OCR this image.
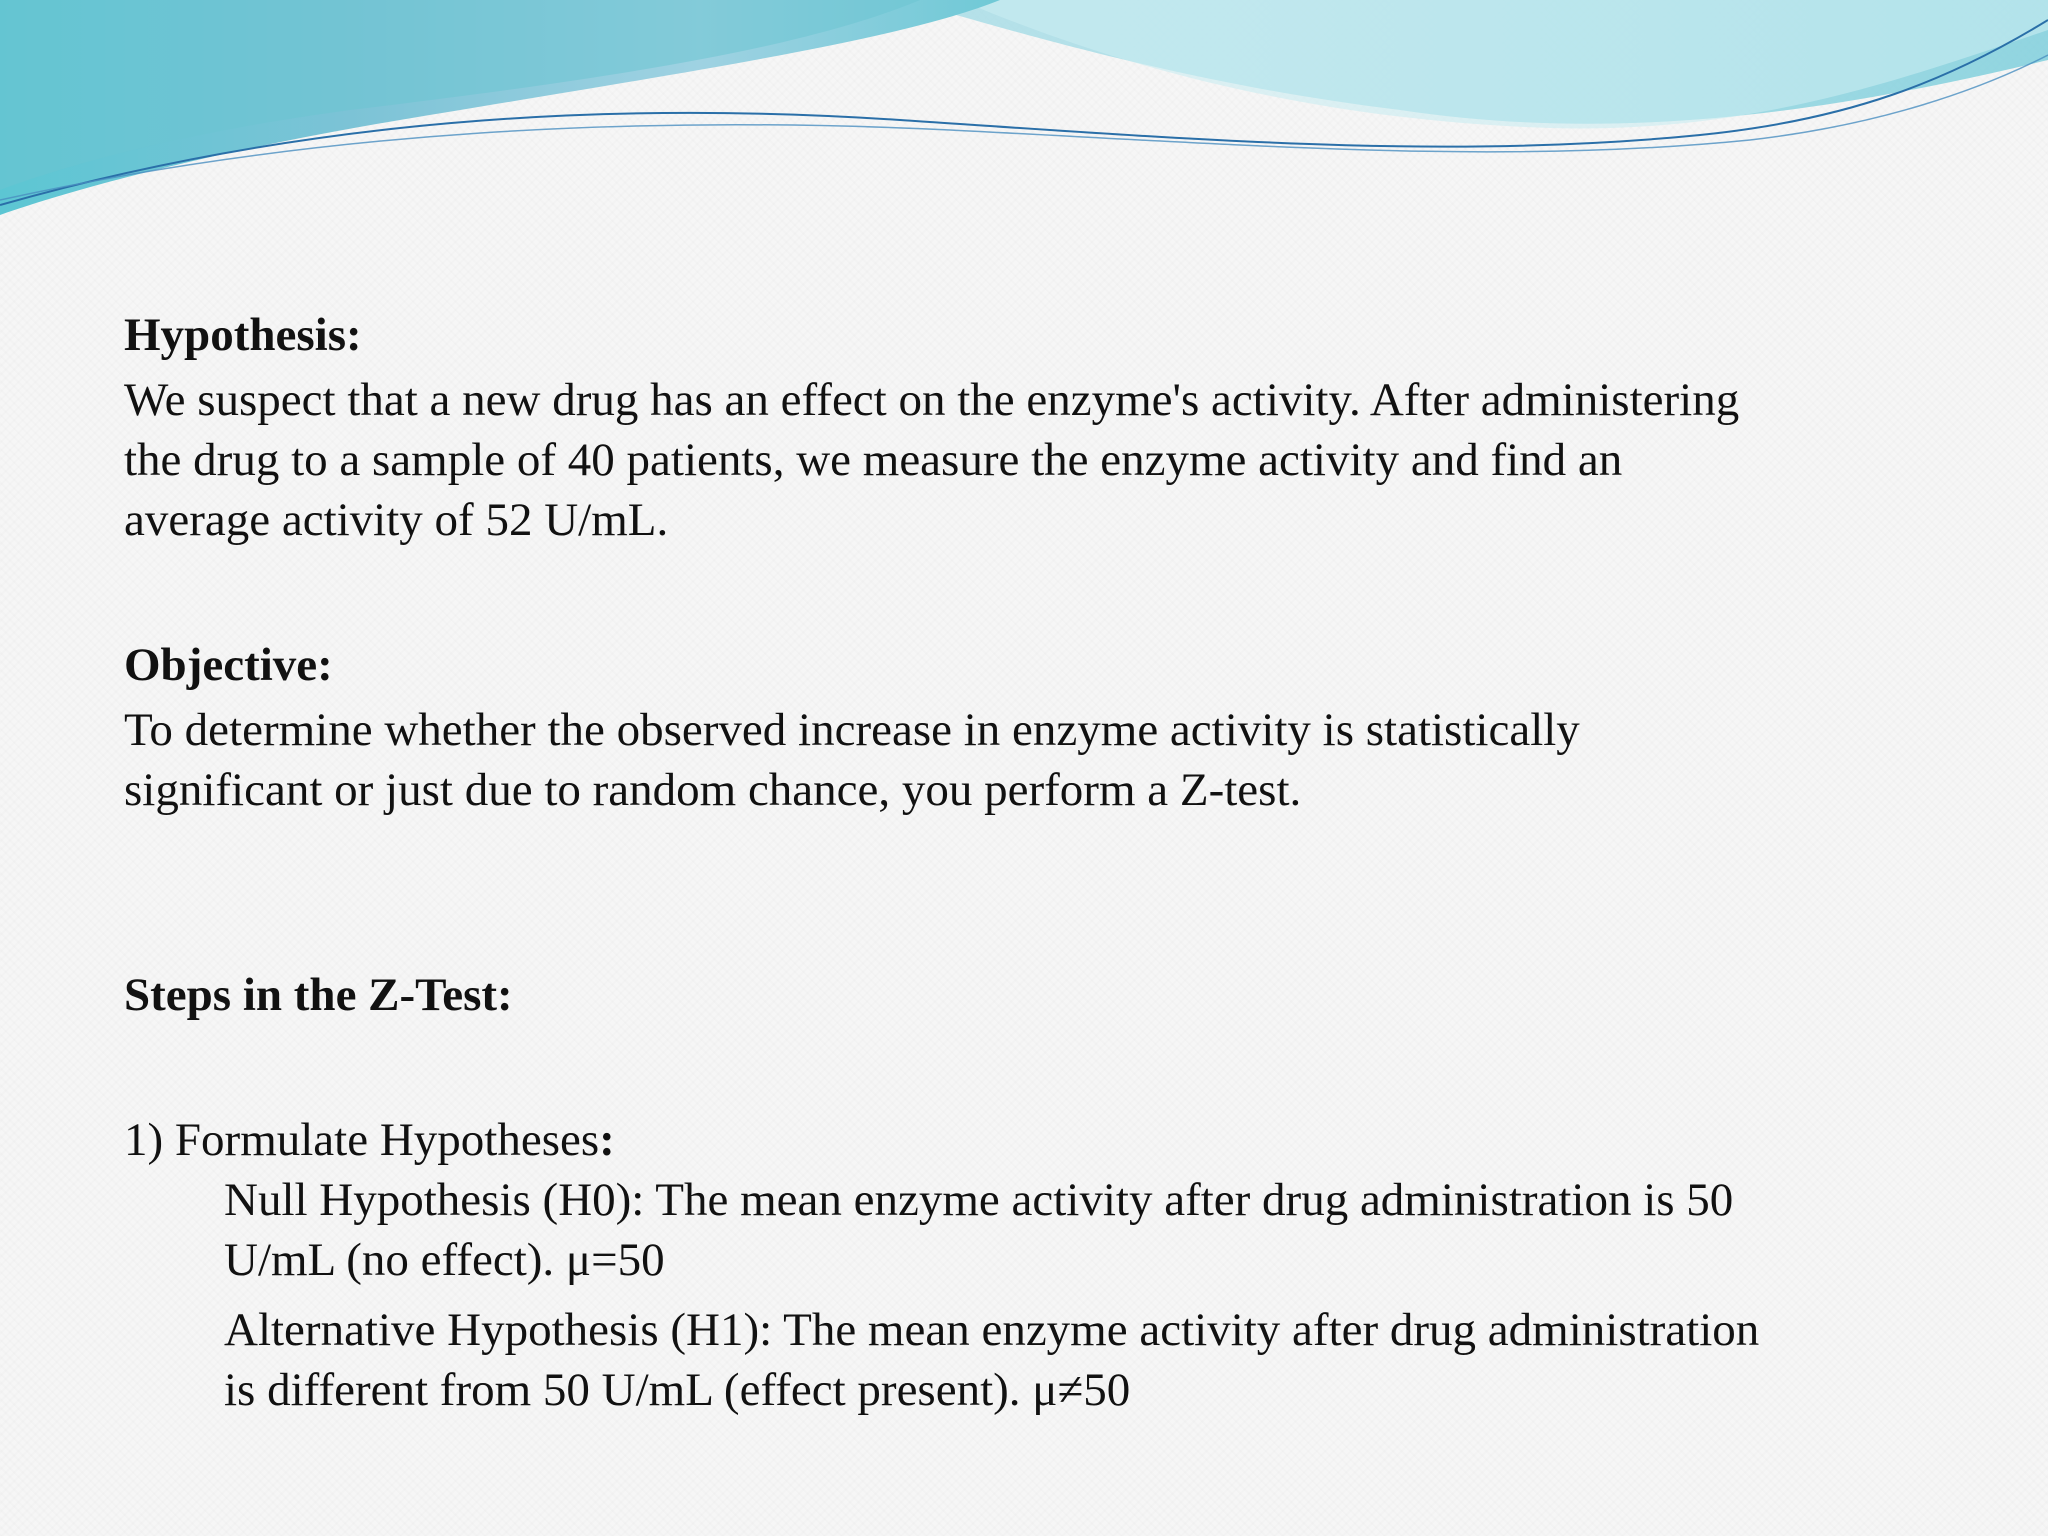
Hypothesis:

We suspect that a new drug has an effect on the enzyme's activity. After administering
the drug to a sample of 40 patients, we measure the enzyme activity and find an
average activity of 52 U/mL.

Objective:

To determine whether the observed increase in enzyme activity is statistically
significant or just due to random chance, you perform a Z-test.

Steps in the Z-Test:

1) Formulate Hypotheses:

Null Hypothesis (H0): The mean enzyme activity after drug administration is 50
U/mL (no effect). μ=50

Alternative Hypothesis (H1): The mean enzyme activity after drug administration
is different from 50 U/mL (effect present). μ≠50
